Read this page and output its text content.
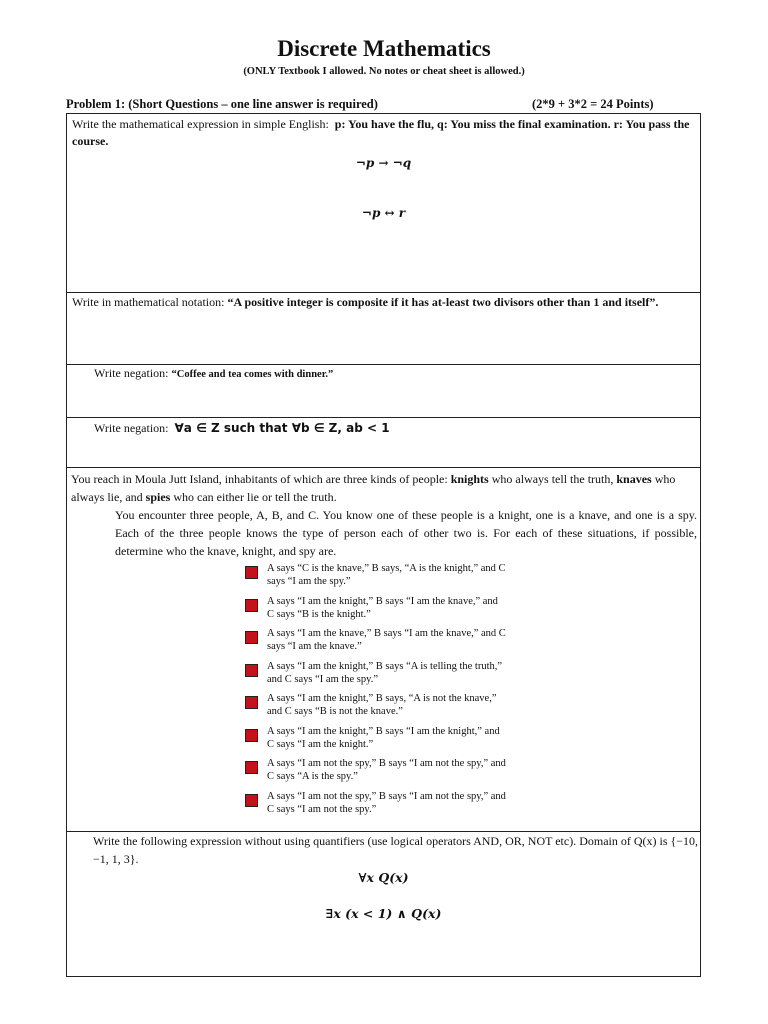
Discrete Mathematics
(ONLY Textbook I allowed. No notes or cheat sheet is allowed.)
Problem 1: (Short Questions – one line answer is required)	(2*9 + 3*2 = 24 Points)
Write the mathematical expression in simple English: p: You have the flu, q: You miss the final examination. r: You pass the course.
¬p → ¬q
¬p ↔ r
Write in mathematical notation: “A positive integer is composite if it has at-least two divisors other than 1 and itself”.
Write negation: “Coffee and tea comes with dinner.”
Write negation: ∀a ∈ Z such that ∀b ∈ Z, ab < 1
You reach in Moula Jutt Island, inhabitants of which are three kinds of people: knights who always tell the truth, knaves who always lie, and spies who can either lie or tell the truth.
You encounter three people, A, B, and C. You know one of these people is a knight, one is a knave, and one is a spy. Each of the three people knows the type of person each of other two is. For each of these situations, if possible, determine who the knave, knight, and spy are.
A says “C is the knave,” B says, “A is the knight,” and C
says “I am the spy.”
A says “I am the knight,” B says “I am the knave,” and
C says “B is the knight.”
A says “I am the knave,” B says “I am the knave,” and C
says “I am the knave.”
A says “I am the knight,” B says “A is telling the truth,”
and C says “I am the spy.”
A says “I am the knight,” B says, “A is not the knave,”
and C says “B is not the knave.”
A says “I am the knight,” B says “I am the knight,” and
C says “I am the knight.”
A says “I am not the spy,” B says “I am not the spy,” and
C says “A is the spy.”
A says “I am not the spy,” B says “I am not the spy,” and
C says “I am not the spy.”
Write the following expression without using quantifiers (use logical operators AND, OR, NOT etc). Domain of Q(x) is {−10, −1, 1, 3}.
∀x Q(x)
∃x (x < 1) ∧ Q(x)
